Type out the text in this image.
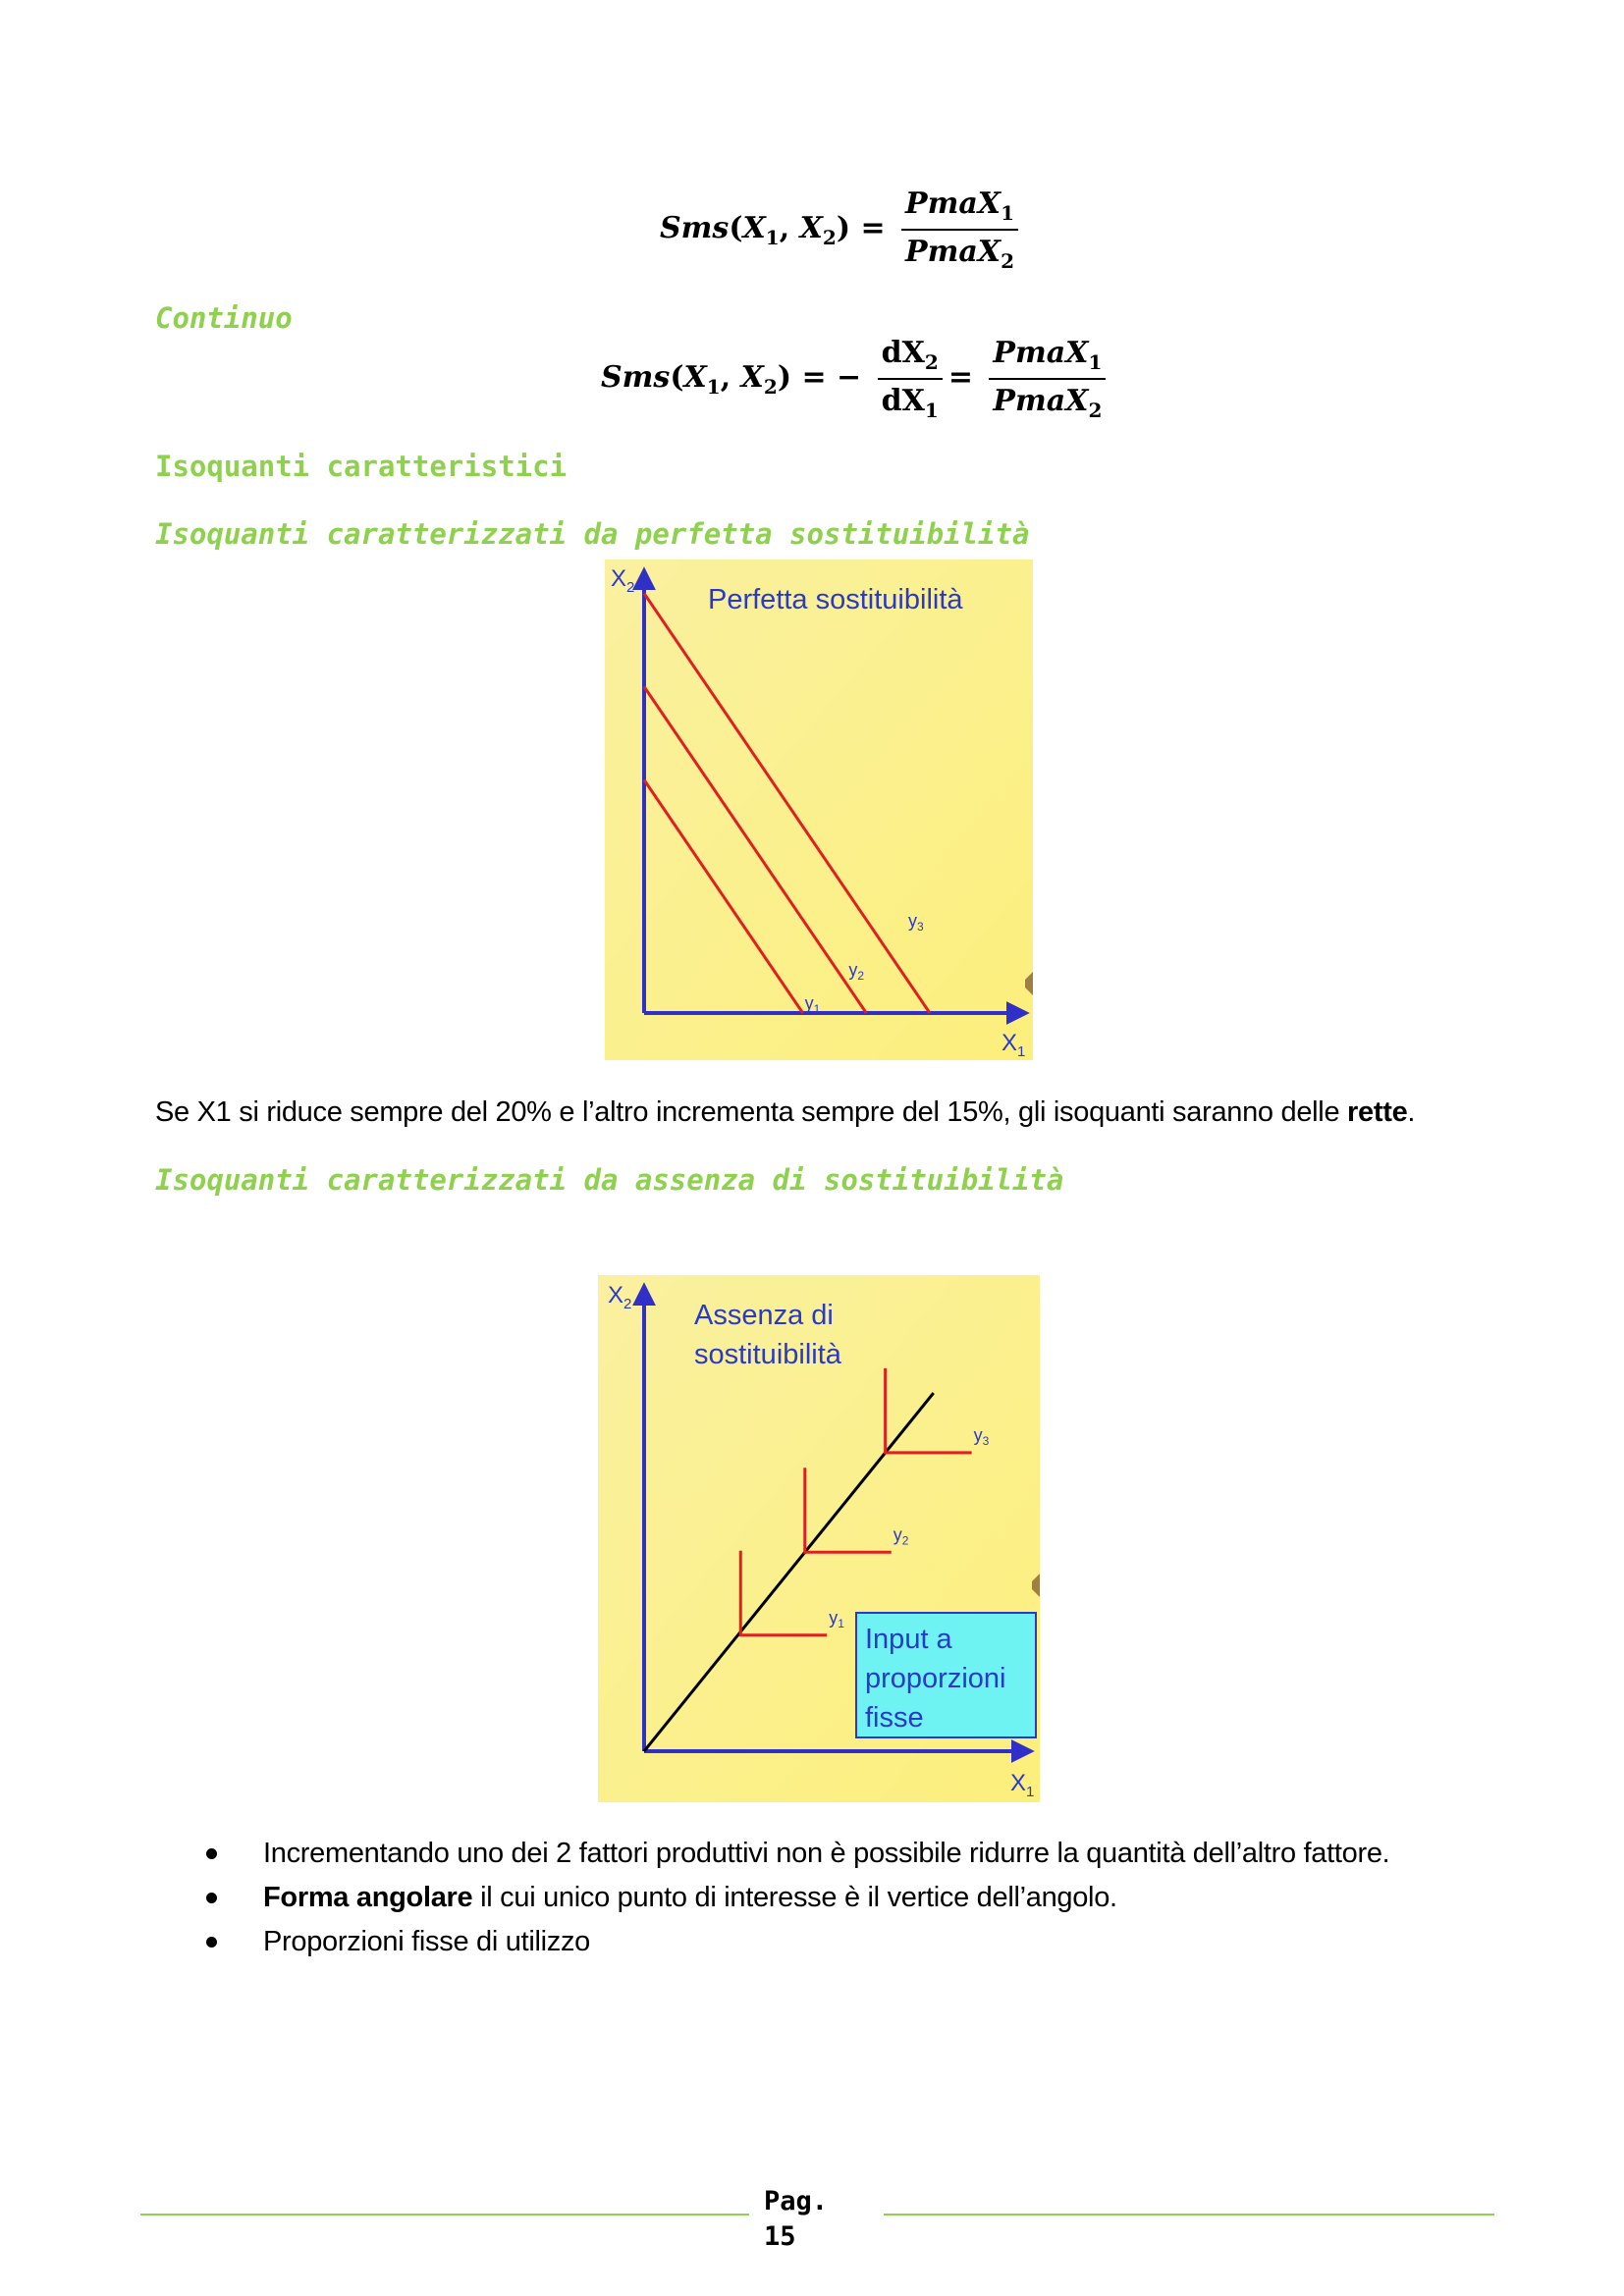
$Sms(X_1$, $X_2) = \frac{PmaX_1}{PmaX_2}$
Continuo
$Sms(X_1$, $X_2$) = − $\frac{dX_2}{dX_1} = \frac{PmaX_1}{PmaX_2}$
Isoquanti caratteristici
Isoquanti caratterizzati da perfetta sostituibilità
$y_1$
$y_2$
$y_3$
Perfetta sostituibilità
$X_2$
$X_1$
Se X1 si riduce sempre del 20% e l’altro incrementa sempre del 15%, gli isoquanti saranno delle rette.
Isoquanti caratterizzati da assenza di sostituibilità
$y_1$
$y_2$
$y_3$
Assenza di sostituibilità
$X_2$
$X_1$
Input a proporzioni fisse
Incrementando uno dei 2 fattori produttivi non è possibile ridurre la quantità dell’altro fattore.
Forma angolare il cui unico punto di interesse è il vertice dell’angolo.
Proporzioni fisse di utilizzo
Pag.
15
